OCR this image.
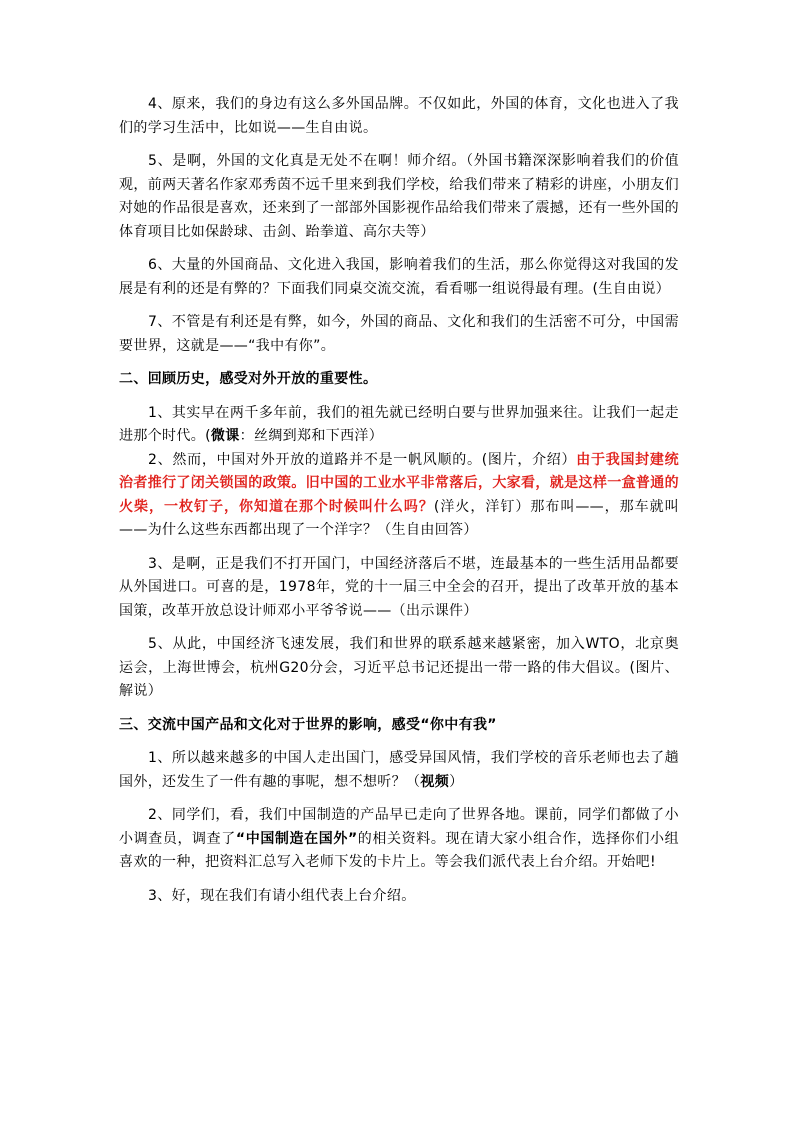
4、原来，我们的身边有这么多外国品牌。不仅如此，外国的体育，文化也进入了我们的学习生活中，比如说——生自由说。

5、是啊，外国的文化真是无处不在啊！师介绍。（外国书籍深深影响着我们的价值观，前两天著名作家邓秀茵不远千里来到我们学校，给我们带来了精彩的讲座，小朋友们对她的作品很是喜欢，还来到了一部部外国影视作品给我们带来了震撼，还有一些外国的体育项目比如保龄球、击剑、跆拳道、高尔夫等）

6、大量的外国商品、文化进入我国，影响着我们的生活，那么你觉得这对我国的发展是有利的还是有弊的？下面我们同桌交流交流，看看哪一组说得最有理。(生自由说）

7、不管是有利还是有弊，如今，外国的商品、文化和我们的生活密不可分，中国需要世界，这就是——“我中有你”。

二、回顾历史，感受对外开放的重要性。

1、其实早在两千多年前，我们的祖先就已经明白要与世界加强来往。让我们一起走进那个时代。(微课：丝绸到郑和下西洋）

2、然而，中国对外开放的道路并不是一帆风顺的。(图片，介绍）由于我国封建统治者推行了闭关锁国的政策。旧中国的工业水平非常落后，大家看，就是这样一盒普通的火柴，一枚钉子，你知道在那个时候叫什么吗？(洋火，洋钉）那布叫——，那车就叫——为什么这些东西都出现了一个洋字？（生自由回答）

3、是啊，正是我们不打开国门，中国经济落后不堪，连最基本的一些生活用品都要从外国进口。可喜的是，1978年，党的十一届三中全会的召开，提出了改革开放的基本国策，改革开放总设计师邓小平爷爷说——（出示课件）

5、从此，中国经济飞速发展，我们和世界的联系越来越紧密，加入WTO，北京奥运会，上海世博会，杭州G20分会，习近平总书记还提出一带一路的伟大倡议。(图片、解说）

三、交流中国产品和文化对于世界的影响，感受“你中有我”

1、所以越来越多的中国人走出国门，感受异国风情，我们学校的音乐老师也去了趟国外，还发生了一件有趣的事呢，想不想听？（视频）

2、同学们，看，我们中国制造的产品早已走向了世界各地。课前，同学们都做了小小调查员，调查了“中国制造在国外”的相关资料。现在请大家小组合作，选择你们小组喜欢的一种，把资料汇总写入老师下发的卡片上。等会我们派代表上台介绍。开始吧!

3、好，现在我们有请小组代表上台介绍。
